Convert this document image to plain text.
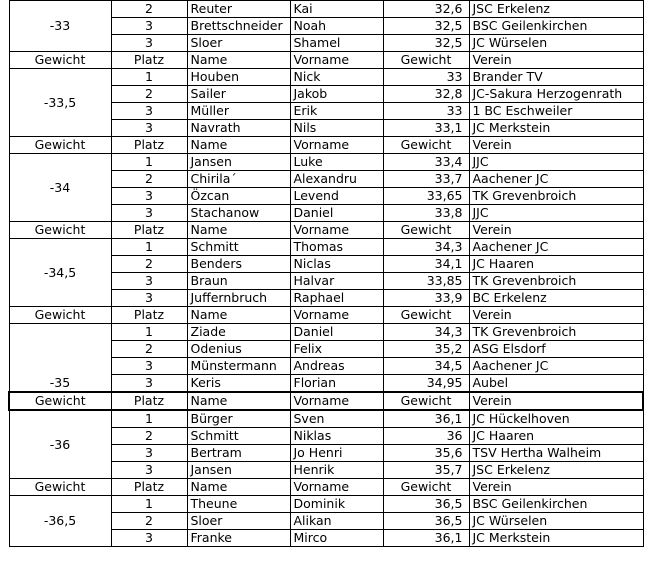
-33	2	Reuter	Kai	32,6	JSC Erkelenz
	3	Brettschneider	Noah	32,5	BSC Geilenkirchen
	3	Sloer	Shamel	32,5	JC Würselen
Gewicht	Platz	Name	Vorname	Gewicht	Verein
-33,5	1	Houben	Nick	33	Brander TV
	2	Sailer	Jakob	32,8	JC-Sakura Herzogenrath
	3	Müller	Erik	33	1 BC Eschweiler
	3	Navrath	Nils	33,1	JC Merkstein
Gewicht	Platz	Name	Vorname	Gewicht	Verein
-34	1	Jansen	Luke	33,4	JJC
	2	Chirila´	Alexandru	33,7	Aachener JC
	3	Özcan	Levend	33,65	TK Grevenbroich
	3	Stachanow	Daniel	33,8	JJC
Gewicht	Platz	Name	Vorname	Gewicht	Verein
-34,5	1	Schmitt	Thomas	34,3	Aachener JC
	2	Benders	Niclas	34,1	JC Haaren
	3	Braun	Halvar	33,85	TK Grevenbroich
	3	Juffernbruch	Raphael	33,9	BC Erkelenz
Gewicht	Platz	Name	Vorname	Gewicht	Verein
-35	1	Ziade	Daniel	34,3	TK Grevenbroich
	2	Odenius	Felix	35,2	ASG Elsdorf
	3	Münstermann	Andreas	34,5	Aachener JC
	3	Keris	Florian	34,95	Aubel
Gewicht	Platz	Name	Vorname	Gewicht	Verein
-36	1	Bürger	Sven	36,1	JC Hückelhoven
	2	Schmitt	Niklas	36	JC Haaren
	3	Bertram	Jo Henri	35,6	TSV Hertha Walheim
	3	Jansen	Henrik	35,7	JSC Erkelenz
Gewicht	Platz	Name	Vorname	Gewicht	Verein
-36,5	1	Theune	Dominik	36,5	BSC Geilenkirchen
	2	Sloer	Alikan	36,5	JC Würselen
	3	Franke	Mirco	36,1	JC Merkstein
